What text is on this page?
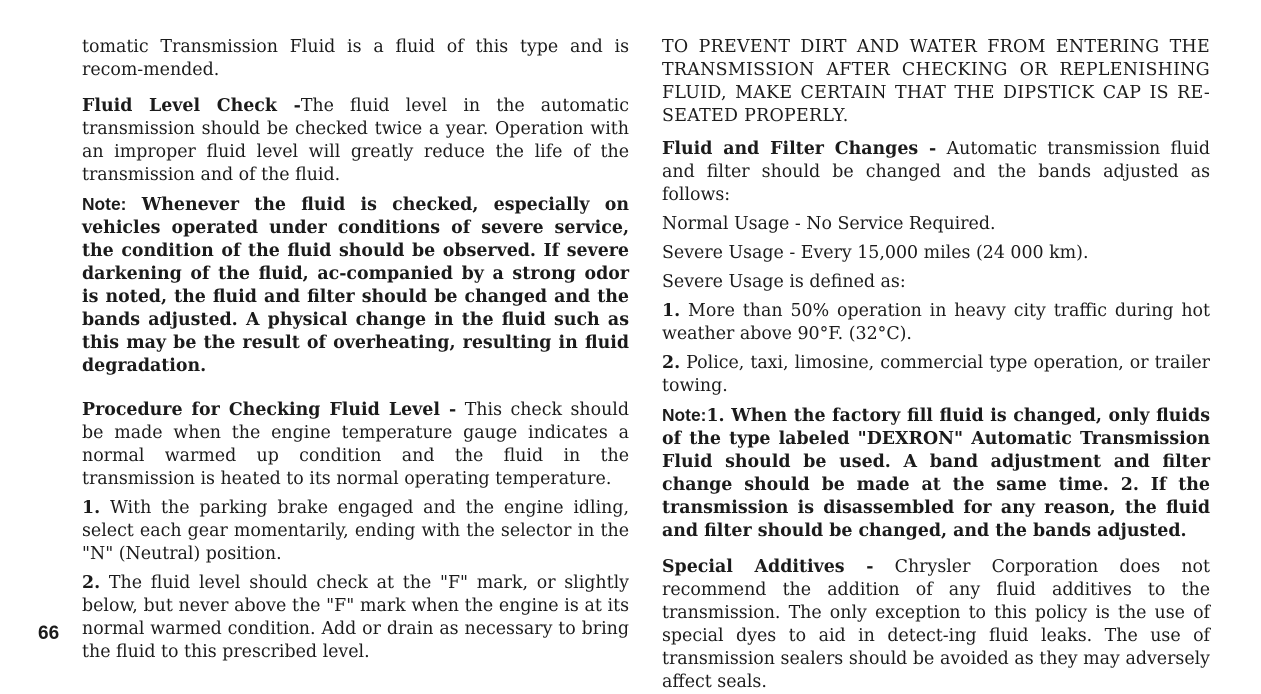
tomatic Transmission Fluid is a fluid of this type and is recom-mended.

Fluid Level Check -The fluid level in the automatic transmission should be checked twice a year. Operation with an improper fluid level will greatly reduce the life of the transmission and of the fluid.

Note: Whenever the fluid is checked, especially on vehicles operated under conditions of severe service, the condition of the fluid should be observed. If severe darkening of the fluid, ac-companied by a strong odor is noted, the fluid and filter should be changed and the bands adjusted. A physical change in the fluid such as this may be the result of overheating, resulting in fluid degradation.

Procedure for Checking Fluid Level - This check should be made when the engine temperature gauge indicates a normal warmed up condition and the fluid in the transmission is heated to its normal operating temperature.

1. With the parking brake engaged and the engine idling, select each gear momentarily, ending with the selector in the "N" (Neutral) position.

2. The fluid level should check at the "F" mark, or slightly below, but never above the "F" mark when the engine is at its normal warmed condition. Add or drain as necessary to bring the fluid to this prescribed level.

TO PREVENT DIRT AND WATER FROM ENTERING THE TRANSMISSION AFTER CHECKING OR REPLENISHING FLUID, MAKE CERTAIN THAT THE DIPSTICK CAP IS RE-SEATED PROPERLY.

Fluid and Filter Changes - Automatic transmission fluid and filter should be changed and the bands adjusted as follows:

Normal Usage - No Service Required.

Severe Usage - Every 15,000 miles (24 000 km).

Severe Usage is defined as:

1. More than 50% operation in heavy city traffic during hot weather above 90°F. (32°C).

2. Police, taxi, limosine, commercial type operation, or trailer towing.

Note:1. When the factory fill fluid is changed, only fluids of the type labeled "DEXRON" Automatic Transmission Fluid should be used. A band adjustment and filter change should be made at the same time. 2. If the transmission is disassembled for any reason, the fluid and filter should be changed, and the bands adjusted.

Special Additives - Chrysler Corporation does not recommend the addition of any fluid additives to the transmission. The only exception to this policy is the use of special dyes to aid in detect-ing fluid leaks. The use of transmission sealers should be avoided as they may adversely affect seals.

66
